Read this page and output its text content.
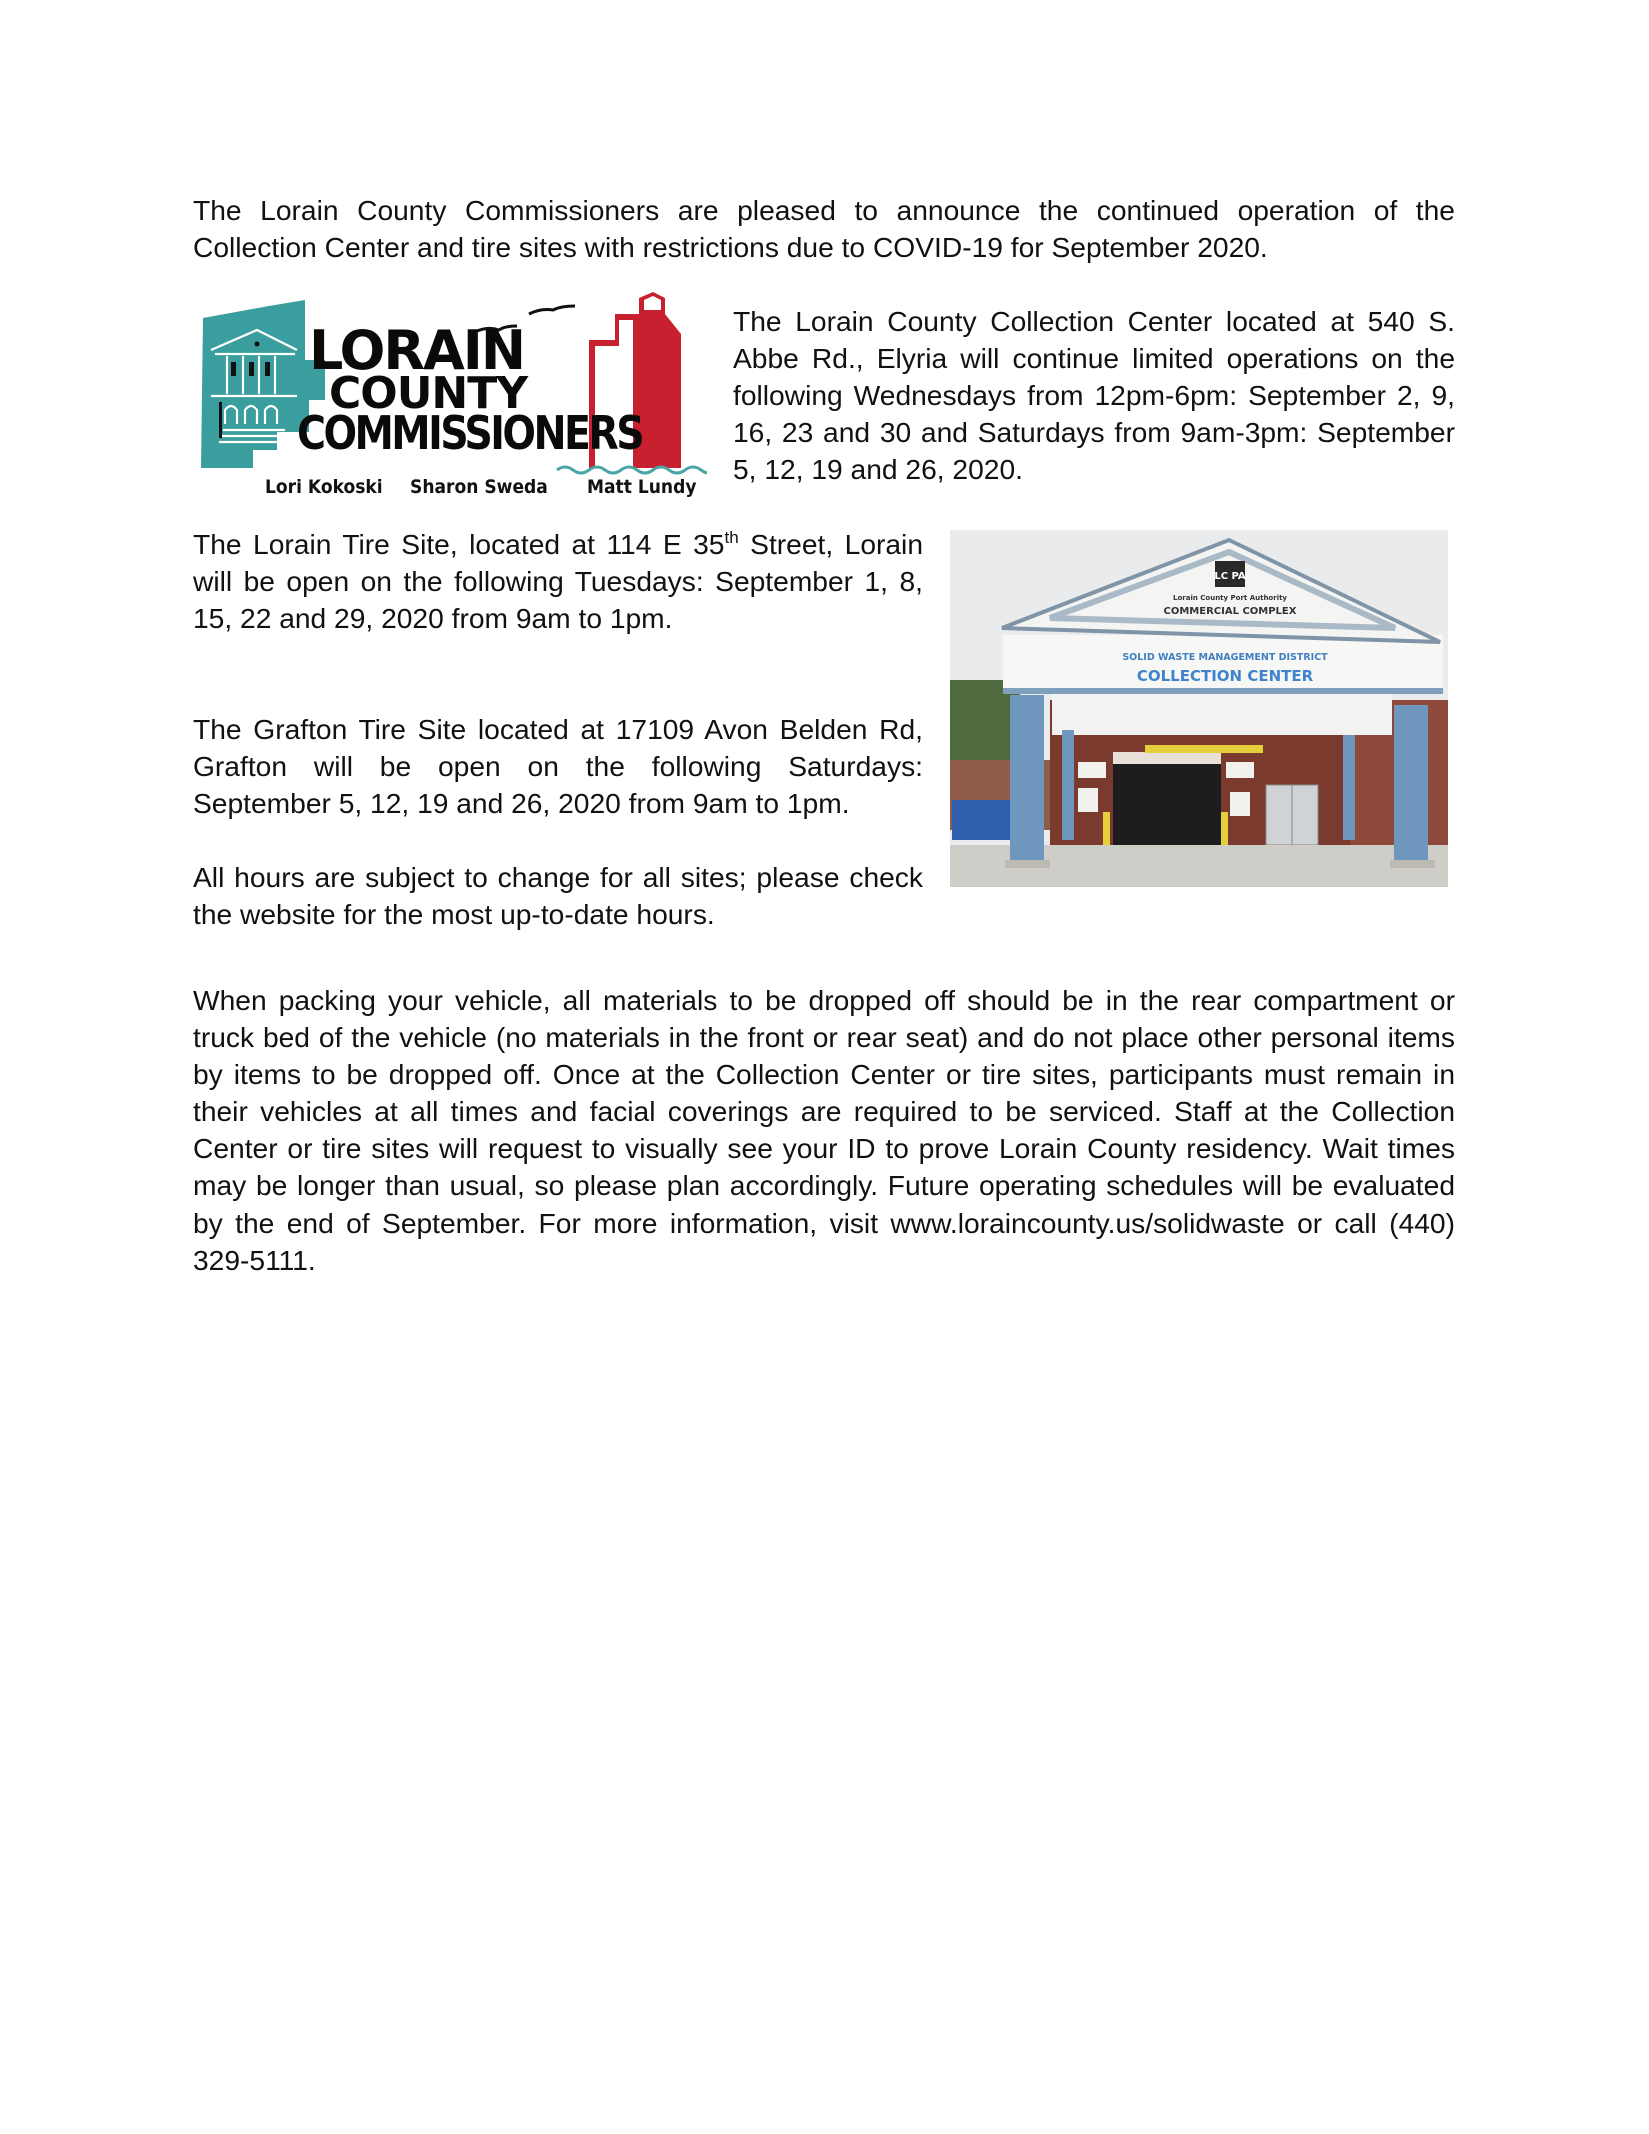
The Lorain County Commissioners are pleased to announce the continued operation of the Collection Center and tire sites with restrictions due to COVID-19 for September 2020.

LORAIN
COUNTY
COMMISSIONERS
Lori Kokoski Sharon Sweda Matt Lundy

The Lorain County Collection Center located at 540 S. Abbe Rd., Elyria will continue limited operations on the following Wednesdays from 12pm-6pm: September 2, 9, 16, 23 and 30 and Saturdays from 9am-3pm: September 5, 12, 19 and 26, 2020.

The Lorain Tire Site, located at 114 E 35th Street, Lorain will be open on the following Tuesdays: September 1, 8, 15, 22 and 29, 2020 from 9am to 1pm.

The Grafton Tire Site located at 17109 Avon Belden Rd, Grafton will be open on the following Saturdays: September 5, 12, 19 and 26, 2020 from 9am to 1pm.

All hours are subject to change for all sites; please check the website for the most up-to-date hours.

LC PA
Lorain County Port Authority
COMMERCIAL COMPLEX
SOLID WASTE MANAGEMENT DISTRICT
COLLECTION CENTER

When packing your vehicle, all materials to be dropped off should be in the rear compartment or truck bed of the vehicle (no materials in the front or rear seat) and do not place other personal items by items to be dropped off. Once at the Collection Center or tire sites, participants must remain in their vehicles at all times and facial coverings are required to be serviced. Staff at the Collection Center or tire sites will request to visually see your ID to prove Lorain County residency. Wait times may be longer than usual, so please plan accordingly. Future operating schedules will be evaluated by the end of September. For more information, visit www.loraincounty.us/solidwaste or call (440) 329-5111.
